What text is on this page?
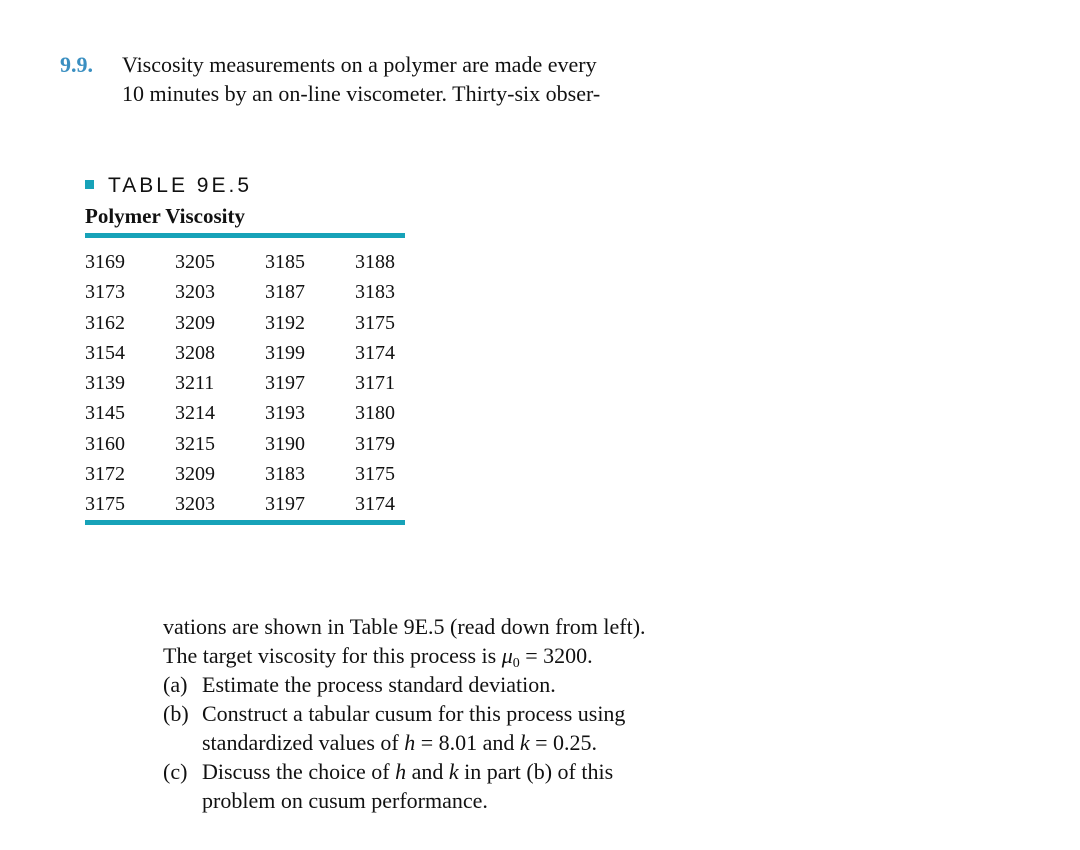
9.9. Viscosity measurements on a polymer are made every
10 minutes by an on-line viscometer. Thirty-six obser-
TABLE 9E.5
Polymer Viscosity
3169	3205	3185	3188
3173	3203	3187	3183
3162	3209	3192	3175
3154	3208	3199	3174
3139	3211	3197	3171
3145	3214	3193	3180
3160	3215	3190	3179
3172	3209	3183	3175
3175	3203	3197	3174
vations are shown in Table 9E.5 (read down from left).
The target viscosity for this process is $\mu_0 = 3200$.
(a) Estimate the process standard deviation.
(b) Construct a tabular cusum for this process using
standardized values of h = 8.01 and k = 0.25.
(c) Discuss the choice of h and k in part (b) of this
problem on cusum performance.
